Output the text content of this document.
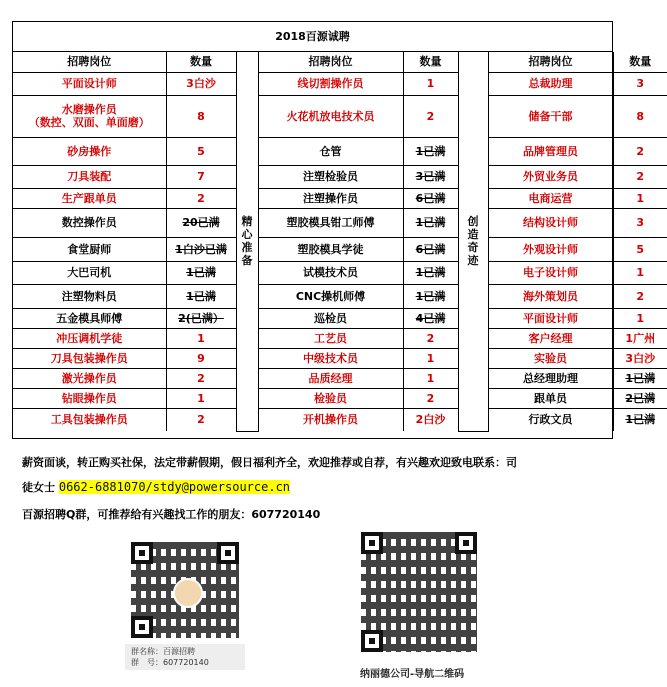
2018百源诚聘
招聘岗位	数量	精心准备	招聘岗位	数量	创造奇迹	招聘岗位	数量
平面设计师	3白沙		线切割操作员	1		总裁助理	3
水磨操作员
（数控、双面、单面磨）	8		火花机放电技术员	2		储备干部	8
砂房操作	5		仓管	1已满		品牌管理员	2
刀具装配	7		注塑检验员	3已满		外贸业务员	2
生产跟单员	2		注塑操作员	6已满		电商运营	1
数控操作员	20已满		塑胶模具钳工师傅	1已满		结构设计师	3
食堂厨师	1白沙已满		塑胶模具学徒	6已满		外观设计师	5
大巴司机	1已满		试模技术员	1已满		电子设计师	1
注塑物料员	1已满		CNC操机师傅	1已满		海外策划员	2
五金模具师傅	2(已满）		巡检员	4已满		平面设计师	1
冲压调机学徒	1		工艺员	2		客户经理	1广州
刀具包装操作员	9		中级技术员	1		实验员	3白沙
激光操作员	2		品质经理	1		总经理助理	1已满
钻眼操作员	1		检验员	2		跟单员	2已满
工具包装操作员	2		开机操作员	2白沙		行政文员	1已满
薪资面谈，转正购买社保，法定带薪假期，假日福利齐全，欢迎推荐或自荐，有兴趣欢迎致电联系：司
徒女士 0662-6881070/stdy@powersource.cn
百源招聘Q群，可推荐给有兴趣找工作的朋友：607720140
群名称：百源招聘
群　号：607720140
纳丽德公司-导航二维码
